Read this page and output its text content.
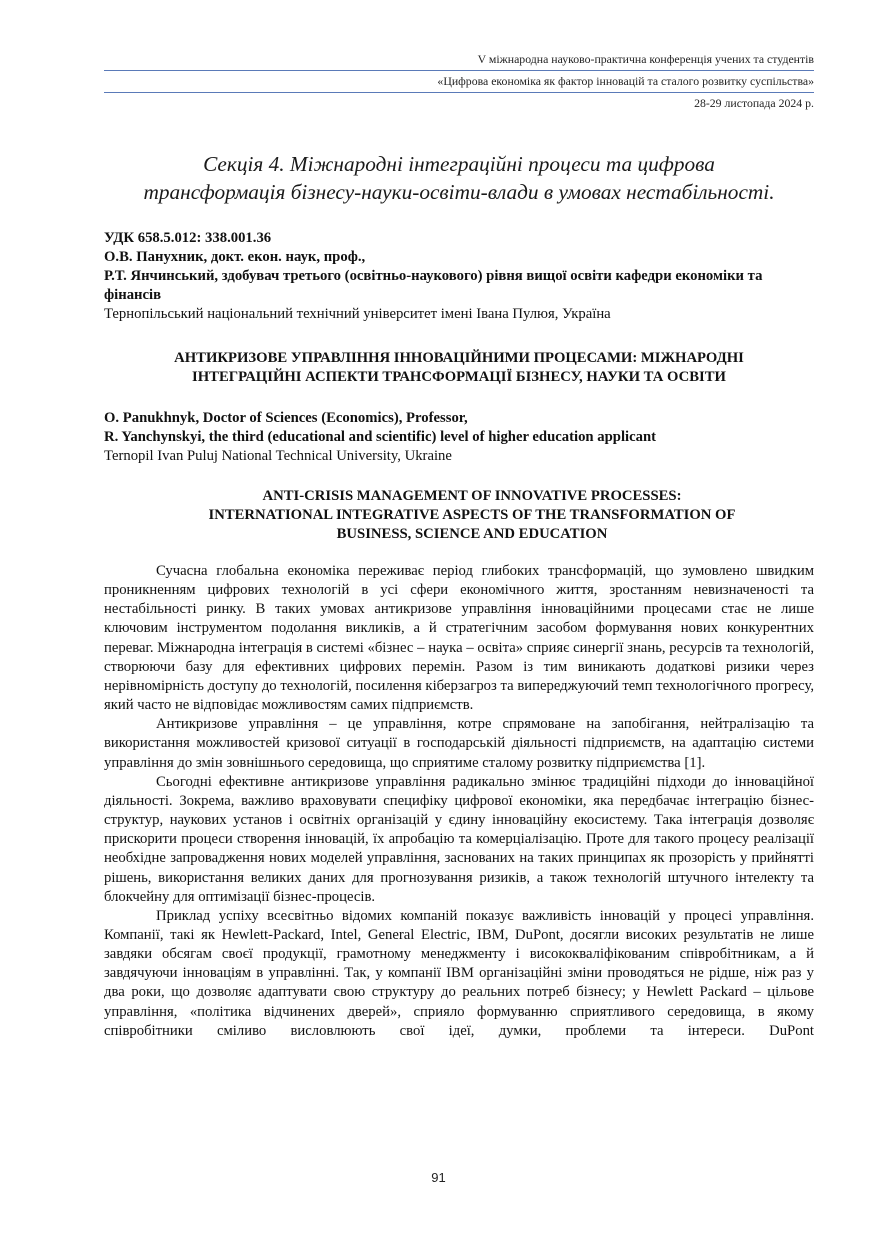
V міжнародна науково-практична конференція учених та студентів
«Цифрова економіка як фактор інновацій та сталого розвитку суспільства»
28-29 листопада 2024 р.
Секція 4. Міжнародні інтеграційні процеси та цифрова
трансформація бізнесу-науки-освіти-влади в умовах нестабільності.
УДК 658.5.012: 338.001.36
О.В. Панухник, докт. екон. наук, проф.,
Р.Т. Янчинський, здобувач третього (освітньо-наукового) рівня вищої освіти кафедри економіки та фінансів
Тернопільський національний технічний університет імені Івана Пулюя, Україна
АНТИКРИЗОВЕ УПРАВЛІННЯ ІННОВАЦІЙНИМИ ПРОЦЕСАМИ: МІЖНАРОДНІ
ІНТЕГРАЦІЙНІ АСПЕКТИ ТРАНСФОРМАЦІЇ БІЗНЕСУ, НАУКИ ТА ОСВІТИ
O. Panukhnyk, Doctor of Sciences (Economics), Professor,
R. Yanchynskyi, the third (educational and scientific) level of higher education applicant
Ternopil Ivan Puluj National Technical University, Ukraine
ANTI-CRISIS MANAGEMENT OF INNOVATIVE PROCESSES:
INTERNATIONAL INTEGRATIVE ASPECTS OF THE TRANSFORMATION OF
BUSINESS, SCIENCE AND EDUCATION

Сучасна глобальна економіка переживає період глибоких трансформацій, що зумовлено швидким проникненням цифрових технологій в усі сфери економічного життя, зростанням невизначеності та нестабільності ринку. В таких умовах антикризове управління інноваційними процесами стає не лише ключовим інструментом подолання викликів, а й стратегічним засобом формування нових конкурентних переваг. Міжнародна інтеграція в системі «бізнес – наука – освіта» сприяє синергії знань, ресурсів та технологій, створюючи базу для ефективних цифрових перемін. Разом із тим виникають додаткові ризики через нерівномірність доступу до технологій, посилення кіберзагроз та випереджуючий темп технологічного прогресу, який часто не відповідає можливостям самих підприємств.

Антикризове управління – це управління, котре спрямоване на запобігання, нейтралізацію та використання можливостей кризової ситуації в господарській діяльності підприємств, на адаптацію системи управління до змін зовнішнього середовища, що сприятиме сталому розвитку підприємства [1].

Сьогодні ефективне антикризове управління радикально змінює традиційні підходи до інноваційної діяльності. Зокрема, важливо враховувати специфіку цифрової економіки, яка передбачає інтеграцію бізнес-структур, наукових установ і освітніх організацій у єдину інноваційну екосистему. Така інтеграція дозволяє прискорити процеси створення інновацій, їх апробацію та комерціалізацію. Проте для такого процесу реалізації необхідне запровадження нових моделей управління, заснованих на таких принципах як прозорість у прийнятті рішень, використання великих даних для прогнозування ризиків, а також технологій штучного інтелекту та блокчейну для оптимізації бізнес-процесів.

Приклад успіху всесвітньо відомих компаній показує важливість інновацій у процесі управління. Компанії, такі як Hewlett-Packard, Intel, General Electric, IBM, DuPont, досягли високих результатів не лише завдяки обсягам своєї продукції, грамотному менеджменту і висококваліфікованим співробітникам, а й завдячуючи інноваціям в управлінні. Так, у компанії IBM організаційні зміни проводяться не рідше, ніж раз у два роки, що дозволяє адаптувати свою структуру до реальних потреб бізнесу; у Hewlett Packard – цільове управління, «політика відчинених дверей», сприяло формуванню сприятливого середовища, в якому співробітники сміливо висловлюють свої ідеї, думки, проблеми та інтереси. DuPont

91
